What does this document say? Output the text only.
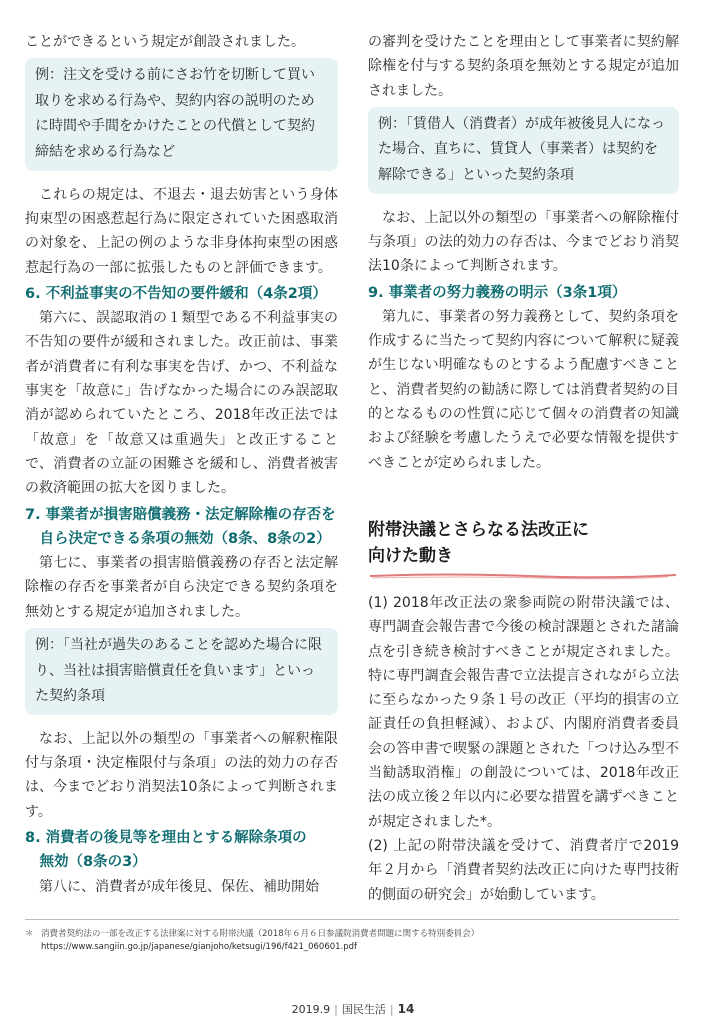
ことができるという規定が創設されました。

例：注文を受ける前にさお竹を切断して買い取りを求める行為や、契約内容の説明のために時間や手間をかけたことの代償として契約締結を求める行為など

これらの規定は、不退去・退去妨害という身体拘束型の困惑惹起行為に限定されていた困惑取消の対象を、上記の例のような非身体拘束型の困惑惹起行為の一部に拡張したものと評価できます。

6. 不利益事実の不告知の要件緩和（4条2項）

第六に、誤認取消の１類型である不利益事実の不告知の要件が緩和されました。改正前は、事業者が消費者に有利な事実を告げ、かつ、不利益な事実を「故意に」告げなかった場合にのみ誤認取消が認められていたところ、2018年改正法では「故意」を「故意又は重過失」と改正することで、消費者の立証の困難さを緩和し、消費者被害の救済範囲の拡大を図りました。

7. 事業者が損害賠償義務・法定解除権の存否を
自ら決定できる条項の無効（8条、8条の2）

第七に、事業者の損害賠償義務の存否と法定解除権の存否を事業者が自ら決定できる契約条項を無効とする規定が追加されました。

例：「当社が過失のあることを認めた場合に限り、当社は損害賠償責任を負います」といった契約条項

なお、上記以外の類型の「事業者への解釈権限付与条項・決定権限付与条項」の法的効力の存否は、今までどおり消契法10条によって判断されます。

8. 消費者の後見等を理由とする解除条項の
無効（8条の3）

第八に、消費者が成年後見、保佐、補助開始

の審判を受けたことを理由として事業者に契約解除権を付与する契約条項を無効とする規定が追加されました。

例：「賃借人（消費者）が成年被後見人になった場合、直ちに、賃貸人（事業者）は契約を解除できる」といった契約条項

なお、上記以外の類型の「事業者への解除権付与条項」の法的効力の存否は、今までどおり消契法10条によって判断されます。

9. 事業者の努力義務の明示（3条1項）

第九に、事業者の努力義務として、契約条項を作成するに当たって契約内容について解釈に疑義が生じない明確なものとするよう配慮すべきことと、消費者契約の勧誘に際しては消費者契約の目的となるものの性質に応じて個々の消費者の知識および経験を考慮したうえで必要な情報を提供すべきことが定められました。

附帯決議とさらなる法改正に
向けた動き

(1) 2018年改正法の衆参両院の附帯決議では、専門調査会報告書で今後の検討課題とされた諸論点を引き続き検討すべきことが規定されました。特に専門調査会報告書で立法提言されながら立法に至らなかった９条１号の改正（平均的損害の立証責任の負担軽減）、および、内閣府消費者委員会の答申書で喫緊の課題とされた「つけ込み型不当勧誘取消権」の創設については、2018年改正法の成立後２年以内に必要な措置を講ずべきことが規定されました*。

(2) 上記の附帯決議を受けて、消費者庁で2019年２月から「消費者契約法改正に向けた専門技術的側面の研究会」が始動しています。

＊ 消費者契約法の一部を改正する法律案に対する附帯決議（2018年６月６日参議院消費者問題に関する特別委員会）
https://www.sangiin.go.jp/japanese/gianjoho/ketsugi/196/f421_060601.pdf
2019.9 | 国民生活 | 14
